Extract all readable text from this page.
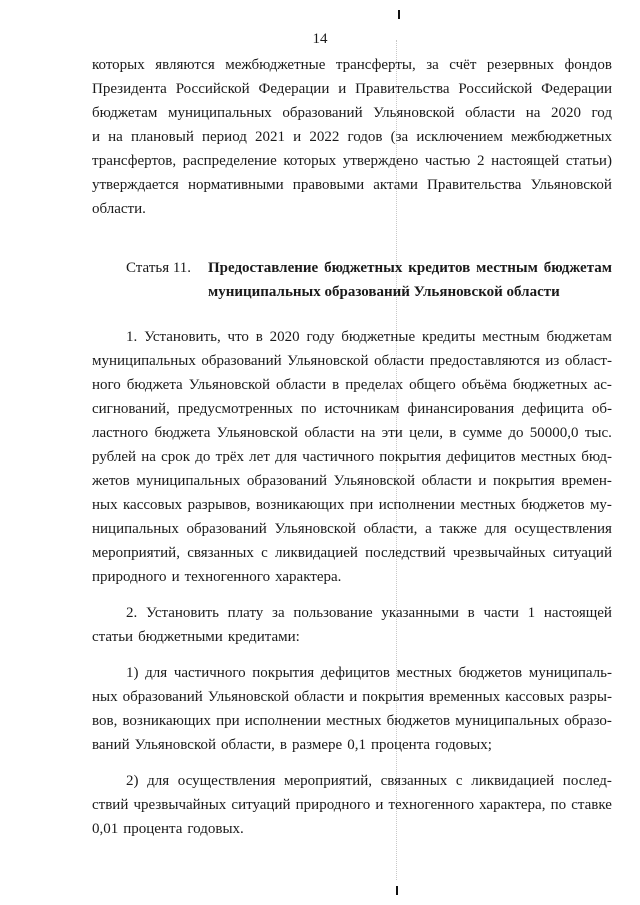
14
которых являются межбюджетные трансферты, за счёт резервных фондов
Президента Российской Федерации и Правительства Российской Федерации
бюджетам муниципальных образований Ульяновской области на 2020 год
и на плановый период 2021 и 2022 годов (за исключением межбюджетных
трансфертов, распределение которых утверждено частью 2 настоящей статьи)
утверждается нормативными правовыми актами Правительства Ульяновской
области.
1. Установить, что в 2020 году бюджетные кредиты местным бюджетам
муниципальных образований Ульяновской области предоставляются из област-
ного бюджета Ульяновской области в пределах общего объёма бюджетных ас-
сигнований, предусмотренных по источникам финансирования дефицита об-
ластного бюджета Ульяновской области на эти цели, в сумме до 50000,0 тыс.
рублей на срок до трёх лет для частичного покрытия дефицитов местных бюд-
жетов муниципальных образований Ульяновской области и покрытия времен-
ных кассовых разрывов, возникающих при исполнении местных бюджетов му-
ниципальных образований Ульяновской области, а также для осуществления
мероприятий, связанных с ликвидацией последствий чрезвычайных ситуаций
природного и техногенного характера.
2. Установить плату за пользование указанными в части 1 настоящей
статьи бюджетными кредитами:
1) для частичного покрытия дефицитов местных бюджетов муниципаль-
ных образований Ульяновской области и покрытия временных кассовых разры-
вов, возникающих при исполнении местных бюджетов муниципальных образо-
ваний Ульяновской области, в размере 0,1 процента годовых;
2) для осуществления мероприятий, связанных с ликвидацией послед-
ствий чрезвычайных ситуаций природного и техногенного характера, по ставке
0,01 процента годовых.
Статья 11. Предоставление бюджетных кредитов местным бюджетам
муниципальных образований Ульяновской области
